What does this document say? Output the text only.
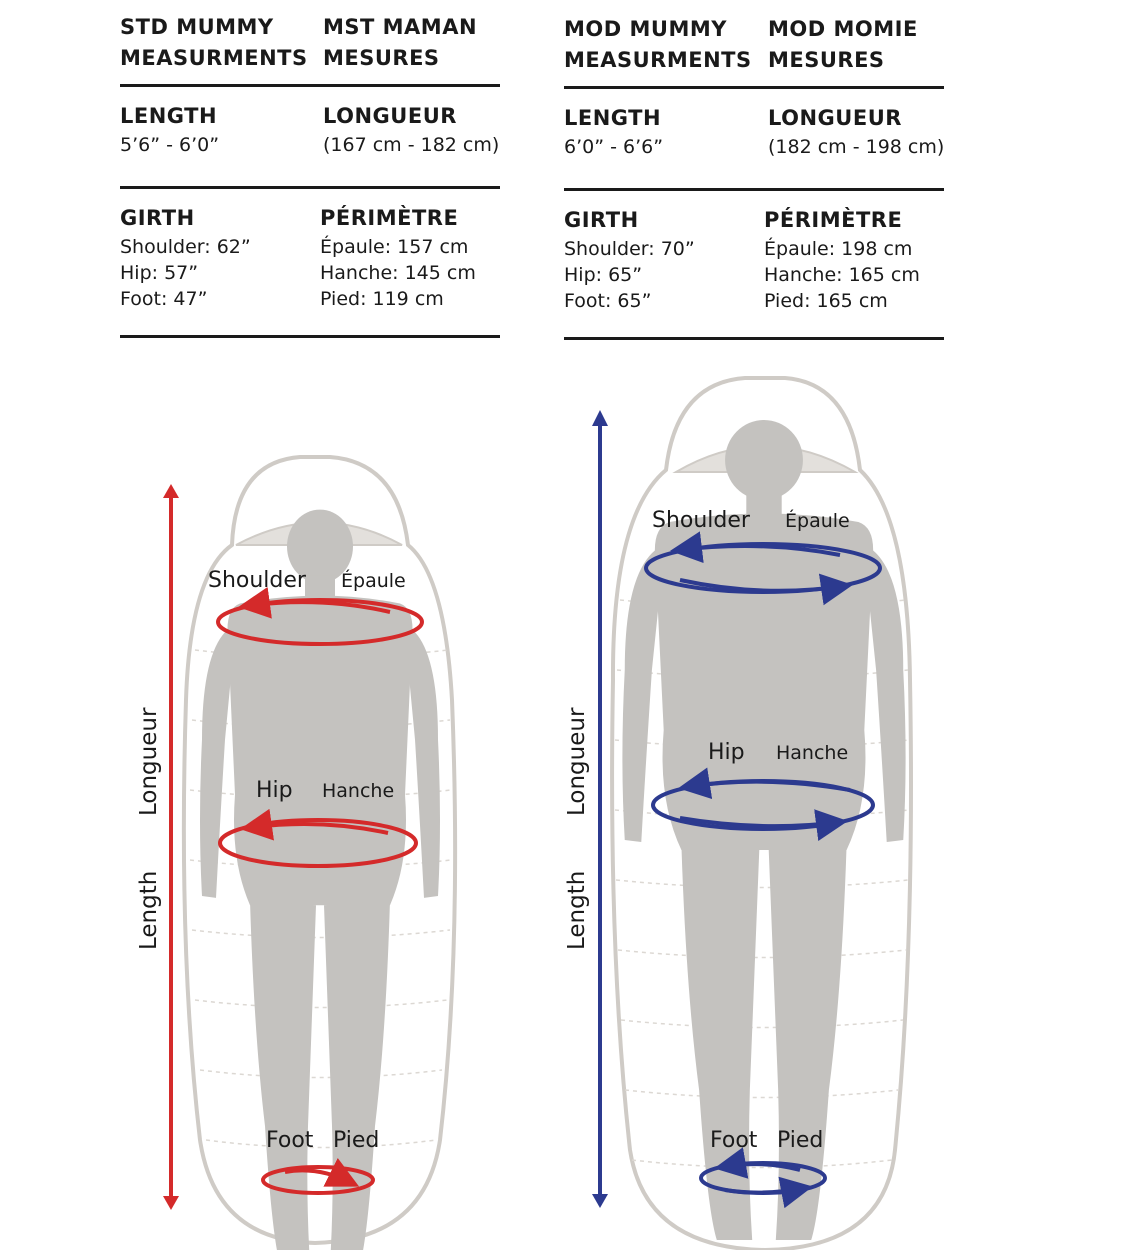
STD MUMMY
MEASURMENTS
MST MAMAN
MESURES
LENGTH
5’6” - 6’0”
LONGUEUR
(167 cm - 182 cm)
GIRTH
Shoulder: 62”
Hip: 57”
Foot: 47”
PÉRIMÈTRE
Épaule: 157 cm
Hanche: 145 cm
Pied: 119 cm
MOD MUMMY
MEASURMENTS
MOD MOMIE
MESURES
LENGTH
6’0” - 6’6”
LONGUEUR
(182 cm - 198 cm)
GIRTH
Shoulder: 70”
Hip: 65”
Foot: 65”
PÉRIMÈTRE
Épaule: 198 cm
Hanche: 165 cm
Pied: 165 cm
Shoulder Épaule
Hip Hanche
Foot Pied
Length
Longueur
Shoulder Épaule
Hip Hanche
Foot Pied
Length
Longueur
